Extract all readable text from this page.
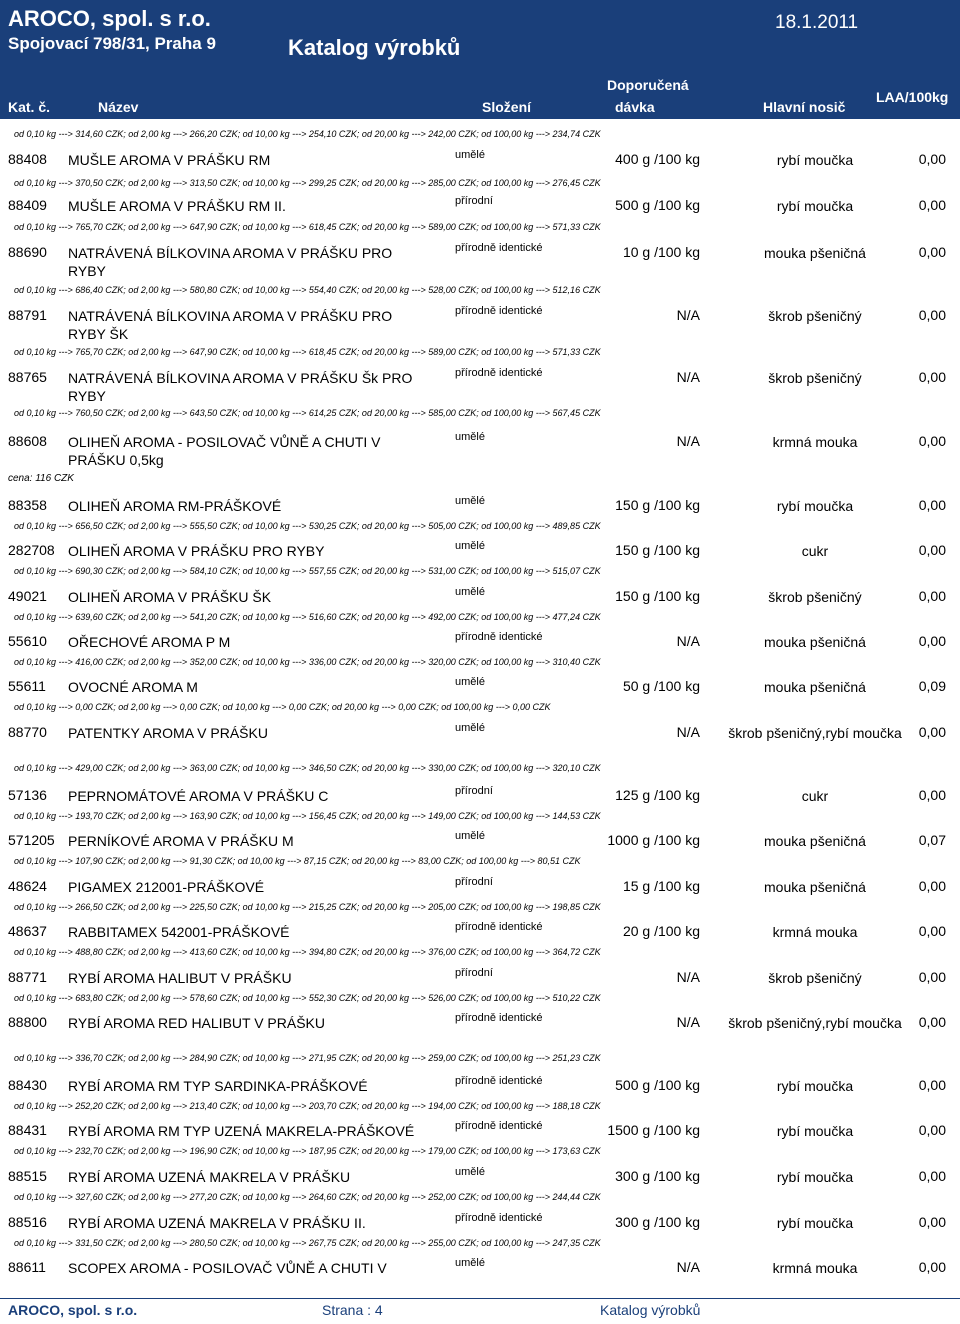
AROCO, spol. s r.o.
Spojovací 798/31, Praha 9	Katalog výrobků
18.1.2011
Kat. č.	Název	Složení
Doporučená
dávka	Hlavní nosič
LAA/100kg
od 0,10 kg ---> 314,60 CZK; od 2,00 kg ---> 266,20 CZK; od 10,00 kg ---> 254,10 CZK; od 20,00 kg ---> 242,00 CZK; od 100,00 kg ---> 234,74 CZK
88408 MUŠLE AROMA V PRÁŠKU RM	umělé	400 g /100 kg	rybí moučka	0,00
od 0,10 kg ---> 370,50 CZK; od 2,00 kg ---> 313,50 CZK; od 10,00 kg ---> 299,25 CZK; od 20,00 kg ---> 285,00 CZK; od 100,00 kg ---> 276,45 CZK
88409 MUŠLE AROMA V PRÁŠKU RM II.	přírodní	500 g /100 kg	rybí moučka	0,00
od 0,10 kg ---> 765,70 CZK; od 2,00 kg ---> 647,90 CZK; od 10,00 kg ---> 618,45 CZK; od 20,00 kg ---> 589,00 CZK; od 100,00 kg ---> 571,33 CZK
88690 NATRÁVENÁ BÍLKOVINA AROMA V PRÁŠKU PRO RYBY
přírodně identické	10 g /100 kg	mouka pšeničná	0,00
od 0,10 kg ---> 686,40 CZK; od 2,00 kg ---> 580,80 CZK; od 10,00 kg ---> 554,40 CZK; od 20,00 kg ---> 528,00 CZK; od 100,00 kg ---> 512,16 CZK
88791 NATRÁVENÁ BÍLKOVINA AROMA V PRÁŠKU PRO RYBY ŠK
přírodně identické	N/A	škrob pšeničný	0,00
od 0,10 kg ---> 765,70 CZK; od 2,00 kg ---> 647,90 CZK; od 10,00 kg ---> 618,45 CZK; od 20,00 kg ---> 589,00 CZK; od 100,00 kg ---> 571,33 CZK
88765 NATRÁVENÁ BÍLKOVINA AROMA V PRÁŠKU Šk PRO RYBY
přírodně identické	N/A	škrob pšeničný	0,00
od 0,10 kg ---> 760,50 CZK; od 2,00 kg ---> 643,50 CZK; od 10,00 kg ---> 614,25 CZK; od 20,00 kg ---> 585,00 CZK; od 100,00 kg ---> 567,45 CZK
88608 OLIHEŇ AROMA - POSILOVAČ VŮNĚ A CHUTI V PRÁŠKU 0,5kg
umělé	N/A	krmná mouka	0,00
cena: 116 CZK
88358 OLIHEŇ AROMA RM-PRÁŠKOVÉ	umělé	150 g /100 kg	rybí moučka	0,00
od 0,10 kg ---> 656,50 CZK; od 2,00 kg ---> 555,50 CZK; od 10,00 kg ---> 530,25 CZK; od 20,00 kg ---> 505,00 CZK; od 100,00 kg ---> 489,85 CZK
282708 OLIHEŇ AROMA V PRÁŠKU PRO RYBY	umělé	150 g /100 kg	cukr	0,00
od 0,10 kg ---> 690,30 CZK; od 2,00 kg ---> 584,10 CZK; od 10,00 kg ---> 557,55 CZK; od 20,00 kg ---> 531,00 CZK; od 100,00 kg ---> 515,07 CZK
49021 OLIHEŇ AROMA V PRÁŠKU ŠK	umělé	150 g /100 kg	škrob pšeničný	0,00
od 0,10 kg ---> 639,60 CZK; od 2,00 kg ---> 541,20 CZK; od 10,00 kg ---> 516,60 CZK; od 20,00 kg ---> 492,00 CZK; od 100,00 kg ---> 477,24 CZK
55610 OŘECHOVÉ AROMA P M	přírodně identické	N/A	mouka pšeničná	0,00
od 0,10 kg ---> 416,00 CZK; od 2,00 kg ---> 352,00 CZK; od 10,00 kg ---> 336,00 CZK; od 20,00 kg ---> 320,00 CZK; od 100,00 kg ---> 310,40 CZK
55611 OVOCNÉ AROMA M	umělé	50 g /100 kg	mouka pšeničná	0,09
od 0,10 kg ---> 0,00 CZK; od 2,00 kg ---> 0,00 CZK; od 10,00 kg ---> 0,00 CZK; od 20,00 kg ---> 0,00 CZK; od 100,00 kg ---> 0,00 CZK
88770 PATENTKY AROMA V PRÁŠKU	umělé	N/A	škrob pšeničný,rybí moučka	0,00
od 0,10 kg ---> 429,00 CZK; od 2,00 kg ---> 363,00 CZK; od 10,00 kg ---> 346,50 CZK; od 20,00 kg ---> 330,00 CZK; od 100,00 kg ---> 320,10 CZK
57136 PEPRNOMÁTOVÉ AROMA V PRÁŠKU C	přírodní	125 g /100 kg	cukr	0,00
od 0,10 kg ---> 193,70 CZK; od 2,00 kg ---> 163,90 CZK; od 10,00 kg ---> 156,45 CZK; od 20,00 kg ---> 149,00 CZK; od 100,00 kg ---> 144,53 CZK
571205 PERNÍKOVÉ AROMA V PRÁŠKU M	umělé	1000 g /100 kg	mouka pšeničná	0,07
od 0,10 kg ---> 107,90 CZK; od 2,00 kg ---> 91,30 CZK; od 10,00 kg ---> 87,15 CZK; od 20,00 kg ---> 83,00 CZK; od 100,00 kg ---> 80,51 CZK
48624 PIGAMEX 212001-PRÁŠKOVÉ	přírodní	15 g /100 kg	mouka pšeničná	0,00
od 0,10 kg ---> 266,50 CZK; od 2,00 kg ---> 225,50 CZK; od 10,00 kg ---> 215,25 CZK; od 20,00 kg ---> 205,00 CZK; od 100,00 kg ---> 198,85 CZK
48637 RABBITAMEX 542001-PRÁŠKOVÉ	přírodně identické	20 g /100 kg	krmná mouka	0,00
od 0,10 kg ---> 488,80 CZK; od 2,00 kg ---> 413,60 CZK; od 10,00 kg ---> 394,80 CZK; od 20,00 kg ---> 376,00 CZK; od 100,00 kg ---> 364,72 CZK
88771 RYBÍ AROMA HALIBUT V PRÁŠKU	přírodní	N/A	škrob pšeničný	0,00
od 0,10 kg ---> 683,80 CZK; od 2,00 kg ---> 578,60 CZK; od 10,00 kg ---> 552,30 CZK; od 20,00 kg ---> 526,00 CZK; od 100,00 kg ---> 510,22 CZK
88800 RYBÍ AROMA RED HALIBUT V PRÁŠKU	přírodně identické	N/A	škrob pšeničný,rybí moučka	0,00
od 0,10 kg ---> 336,70 CZK; od 2,00 kg ---> 284,90 CZK; od 10,00 kg ---> 271,95 CZK; od 20,00 kg ---> 259,00 CZK; od 100,00 kg ---> 251,23 CZK
88430 RYBÍ AROMA RM TYP SARDINKA-PRÁŠKOVÉ	přírodně identické	500 g /100 kg	rybí moučka	0,00
od 0,10 kg ---> 252,20 CZK; od 2,00 kg ---> 213,40 CZK; od 10,00 kg ---> 203,70 CZK; od 20,00 kg ---> 194,00 CZK; od 100,00 kg ---> 188,18 CZK
88431 RYBÍ AROMA RM TYP UZENÁ MAKRELA-PRÁŠKOVÉ	přírodně identické	1500 g /100 kg	rybí moučka	0,00
od 0,10 kg ---> 232,70 CZK; od 2,00 kg ---> 196,90 CZK; od 10,00 kg ---> 187,95 CZK; od 20,00 kg ---> 179,00 CZK; od 100,00 kg ---> 173,63 CZK
88515 RYBÍ AROMA UZENÁ MAKRELA V PRÁŠKU	umělé	300 g /100 kg	rybí moučka	0,00
od 0,10 kg ---> 327,60 CZK; od 2,00 kg ---> 277,20 CZK; od 10,00 kg ---> 264,60 CZK; od 20,00 kg ---> 252,00 CZK; od 100,00 kg ---> 244,44 CZK
88516 RYBÍ AROMA UZENÁ MAKRELA V PRÁŠKU II.	přírodně identické	300 g /100 kg	rybí moučka	0,00
od 0,10 kg ---> 331,50 CZK; od 2,00 kg ---> 280,50 CZK; od 10,00 kg ---> 267,75 CZK; od 20,00 kg ---> 255,00 CZK; od 100,00 kg ---> 247,35 CZK
88611 SCOPEX AROMA - POSILOVAČ VŮNĚ A CHUTI V	umělé	N/A	krmná mouka	0,00
AROCO, spol. s r.o.	Strana : 4	Katalog výrobků
